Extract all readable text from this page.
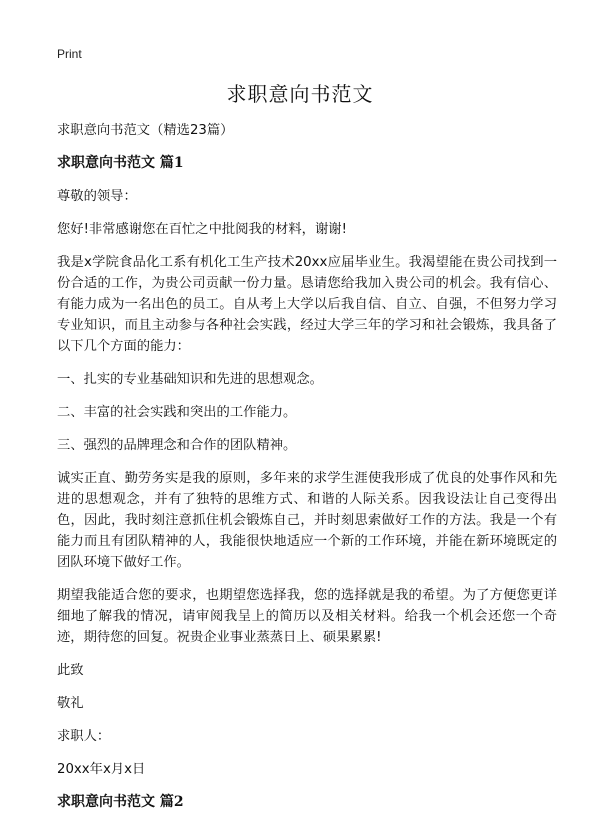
Print
求职意向书范文

求职意向书范文（精选23篇）

求职意向书范文 篇1

尊敬的领导：

您好!非常感谢您在百忙之中批阅我的材料，谢谢!

我是x学院食品化工系有机化工生产技术20xx应届毕业生。我渴望能在贵公司找到一份合适的工作，为贵公司贡献一份力量。恳请您给我加入贵公司的机会。我有信心、有能力成为一名出色的员工。自从考上大学以后我自信、自立、自强，不但努力学习专业知识，而且主动参与各种社会实践，经过大学三年的学习和社会锻炼，我具备了以下几个方面的能力：

一、扎实的专业基础知识和先进的思想观念。

二、丰富的社会实践和突出的工作能力。

三、强烈的品牌理念和合作的团队精神。

诚实正直、勤劳务实是我的原则，多年来的求学生涯使我形成了优良的处事作风和先进的思想观念，并有了独特的思维方式、和谐的人际关系。因我设法让自己变得出色，因此，我时刻注意抓住机会锻炼自己，并时刻思索做好工作的方法。我是一个有能力而且有团队精神的人，我能很快地适应一个新的工作环境，并能在新环境既定的团队环境下做好工作。

期望我能适合您的要求，也期望您选择我，您的选择就是我的希望。为了方便您更详细地了解我的情况，请审阅我呈上的简历以及相关材料。给我一个机会还您一个奇迹，期待您的回复。祝贵企业事业蒸蒸日上、硕果累累!

此致

敬礼

求职人：

20xx年x月x日

求职意向书范文 篇2
